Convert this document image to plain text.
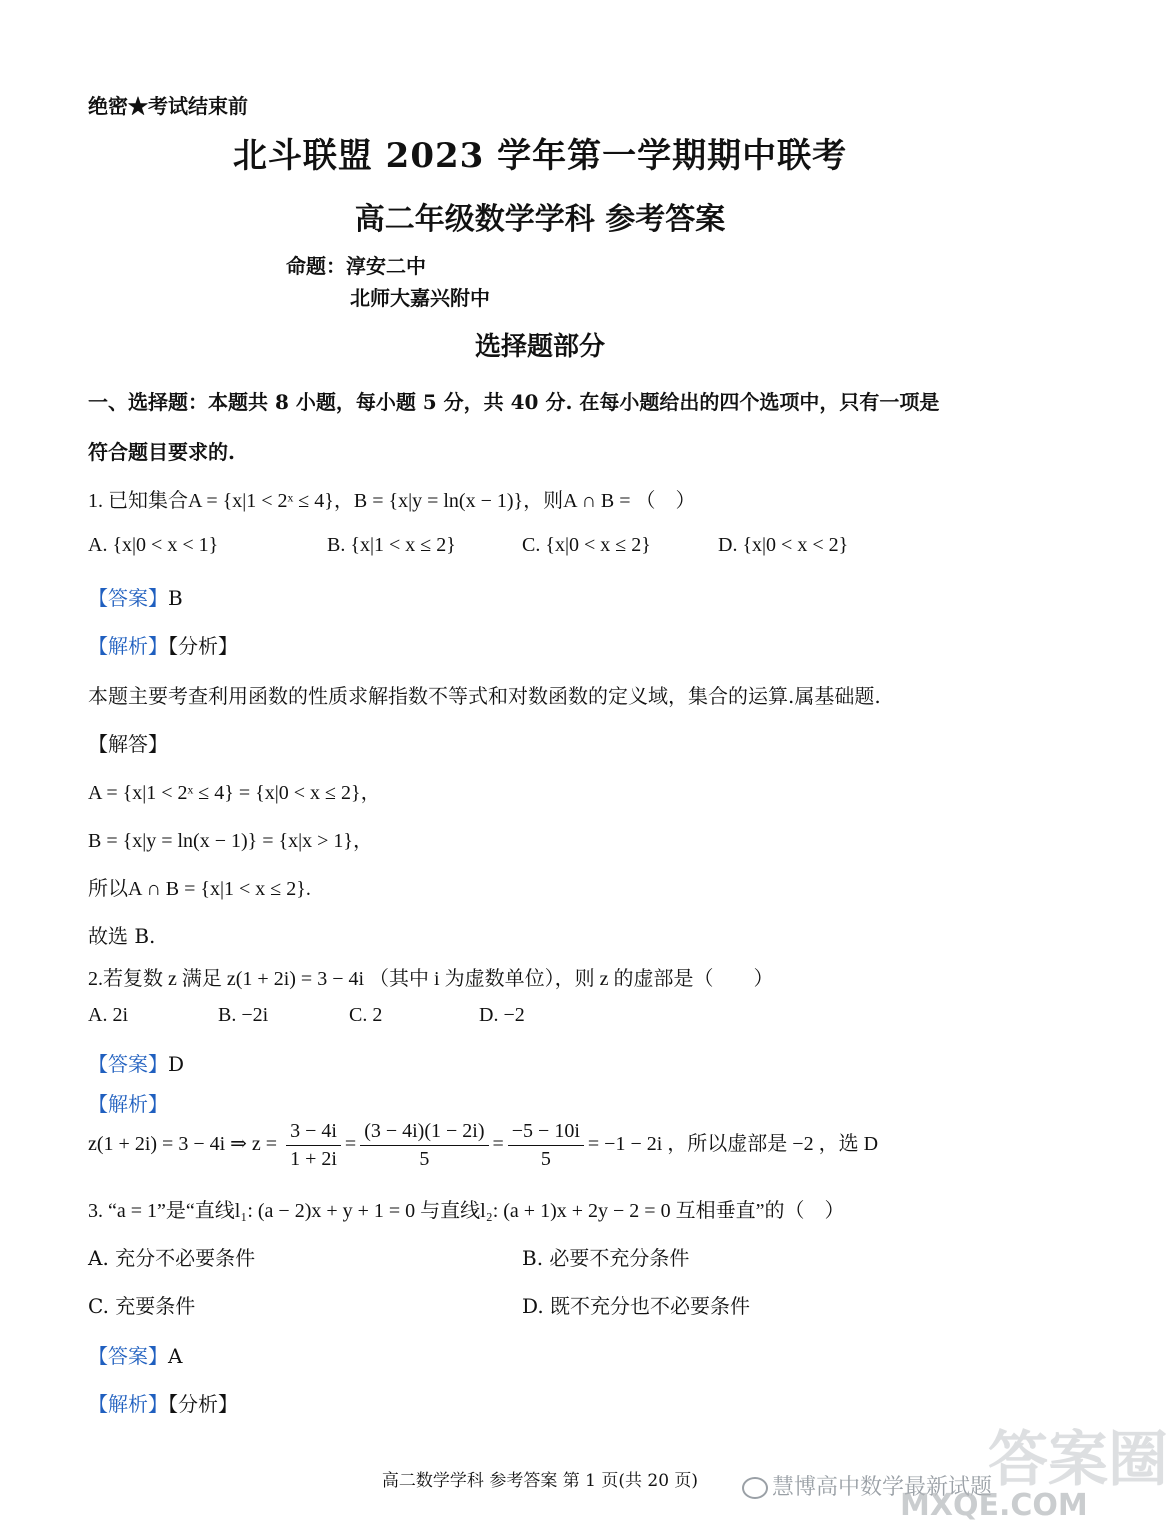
绝密★考试结束前
北斗联盟 2023 学年第一学期期中联考
高二年级数学学科 参考答案
命题：淳安二中
北师大嘉兴附中
选择题部分
一、选择题：本题共 8 小题，每小题 5 分，共 40 分. 在每小题给出的四个选项中，只有一项是
符合题目要求的.
1. 已知集合A = {x|1 < 2ˣ ≤ 4}，B = {x|y = ln(x − 1)}，则A ∩ B = （　）
A. {x|0 < x < 1}	B. {x|1 < x ≤ 2}	C. {x|0 < x ≤ 2}	D. {x|0 < x < 2}
【答案】B
【解析】【分析】
本题主要考查利用函数的性质求解指数不等式和对数函数的定义域，集合的运算.属基础题.
【解答】
A = {x|1 < 2ˣ ≤ 4} = {x|0 < x ≤ 2}，
B = {x|y = ln(x − 1)} = {x|x > 1}，
所以A ∩ B = {x|1 < x ≤ 2}.
故选 B.
2.若复数 z 满足 z(1 + 2i) = 3 − 4i （其中 i 为虚数单位），则 z 的虚部是（　　）
A. 2i	B. −2i	C. 2	D. −2
【答案】D
【解析】
z(1 + 2i) = 3 − 4i ⇒ $z = \frac{3 - 4i}{1 + 2i} = \frac{(3 - 4i)(1 - 2i)}{5} = \frac{-5 - 10i}{5} = -1 - 2i$ ，所以虚部是 −2 ，选 D
3. “a = 1”是“直线l₁: (a − 2)x + y + 1 = 0 与直线l₂: (a + 1)x + 2y − 2 = 0 互相垂直”的（　）
A. 充分不必要条件	B. 必要不充分条件
C. 充要条件	D. 既不充分也不必要条件
【答案】A
【解析】【分析】
高二数学学科 参考答案 第 1 页(共 20 页)	答案圈
慧博高中数学最新试题
MXQE.COM
